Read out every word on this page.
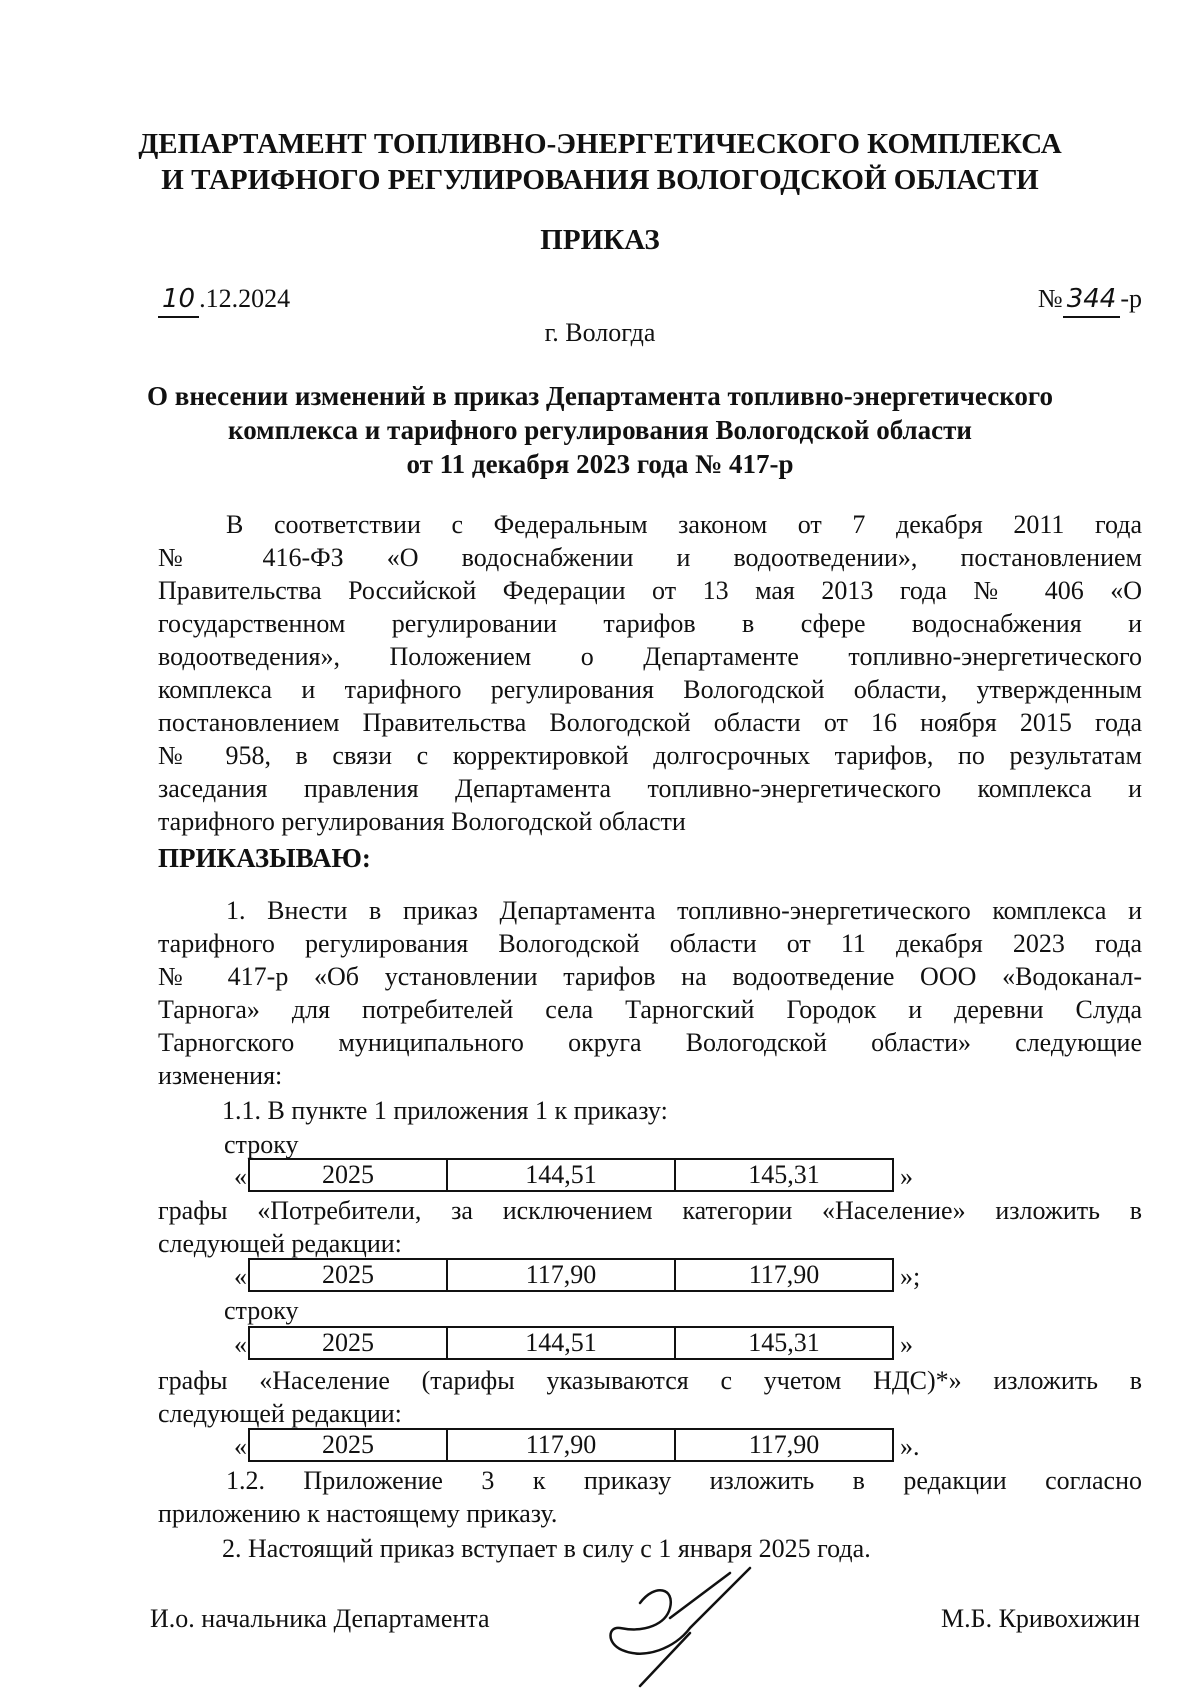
ДЕПАРТАМЕНТ ТОПЛИВНО-ЭНЕРГЕТИЧЕСКОГО КОМПЛЕКСА
И ТАРИФНОГО РЕГУЛИРОВАНИЯ ВОЛОГОДСКОЙ ОБЛАСТИ
ПРИКАЗ
10 .12.2024	№ 344 -р
г. Вологда
О внесении изменений в приказ Департамента топливно-энергетического
комплекса и тарифного регулирования Вологодской области
от 11 декабря 2023 года № 417-р
В соответствии с Федеральным законом от 7 декабря 2011 года
№ 416-ФЗ «О водоснабжении и водоотведении», постановлением
Правительства Российской Федерации от 13 мая 2013 года № 406 «О
государственном регулировании тарифов в сфере водоснабжения и
водоотведения», Положением о Департаменте топливно-энергетического
комплекса и тарифного регулирования Вологодской области, утвержденным
постановлением Правительства Вологодской области от 16 ноября 2015 года
№ 958, в связи с корректировкой долгосрочных тарифов, по результатам
заседания правления Департамента топливно-энергетического комплекса и
тарифного регулирования Вологодской области
ПРИКАЗЫВАЮ:
1. Внести в приказ Департамента топливно-энергетического комплекса и
тарифного регулирования Вологодской области от 11 декабря 2023 года
№ 417-р «Об установлении тарифов на водоотведение ООО «Водоканал-
Тарнога» для потребителей села Тарногский Городок и деревни Слуда
Тарногского муниципального округа Вологодской области» следующие
изменения:
1.1. В пункте 1 приложения 1 к приказу:
строку
«	2025	144,51	145,31		»
графы «Потребители, за исключением категории «Население» изложить в
следующей редакции:
«	2025	117,90	117,90		»;
строку
«	2025	144,51	145,31		»
графы «Население (тарифы указываются с учетом НДС)*» изложить в
следующей редакции:
«	2025	117,90	117,90		».
1.2. Приложение 3 к приказу изложить в редакции согласно
приложению к настоящему приказу.
2. Настоящий приказ вступает в силу с 1 января 2025 года.
И.о. начальника Департамента	М.Б. Кривохижин
